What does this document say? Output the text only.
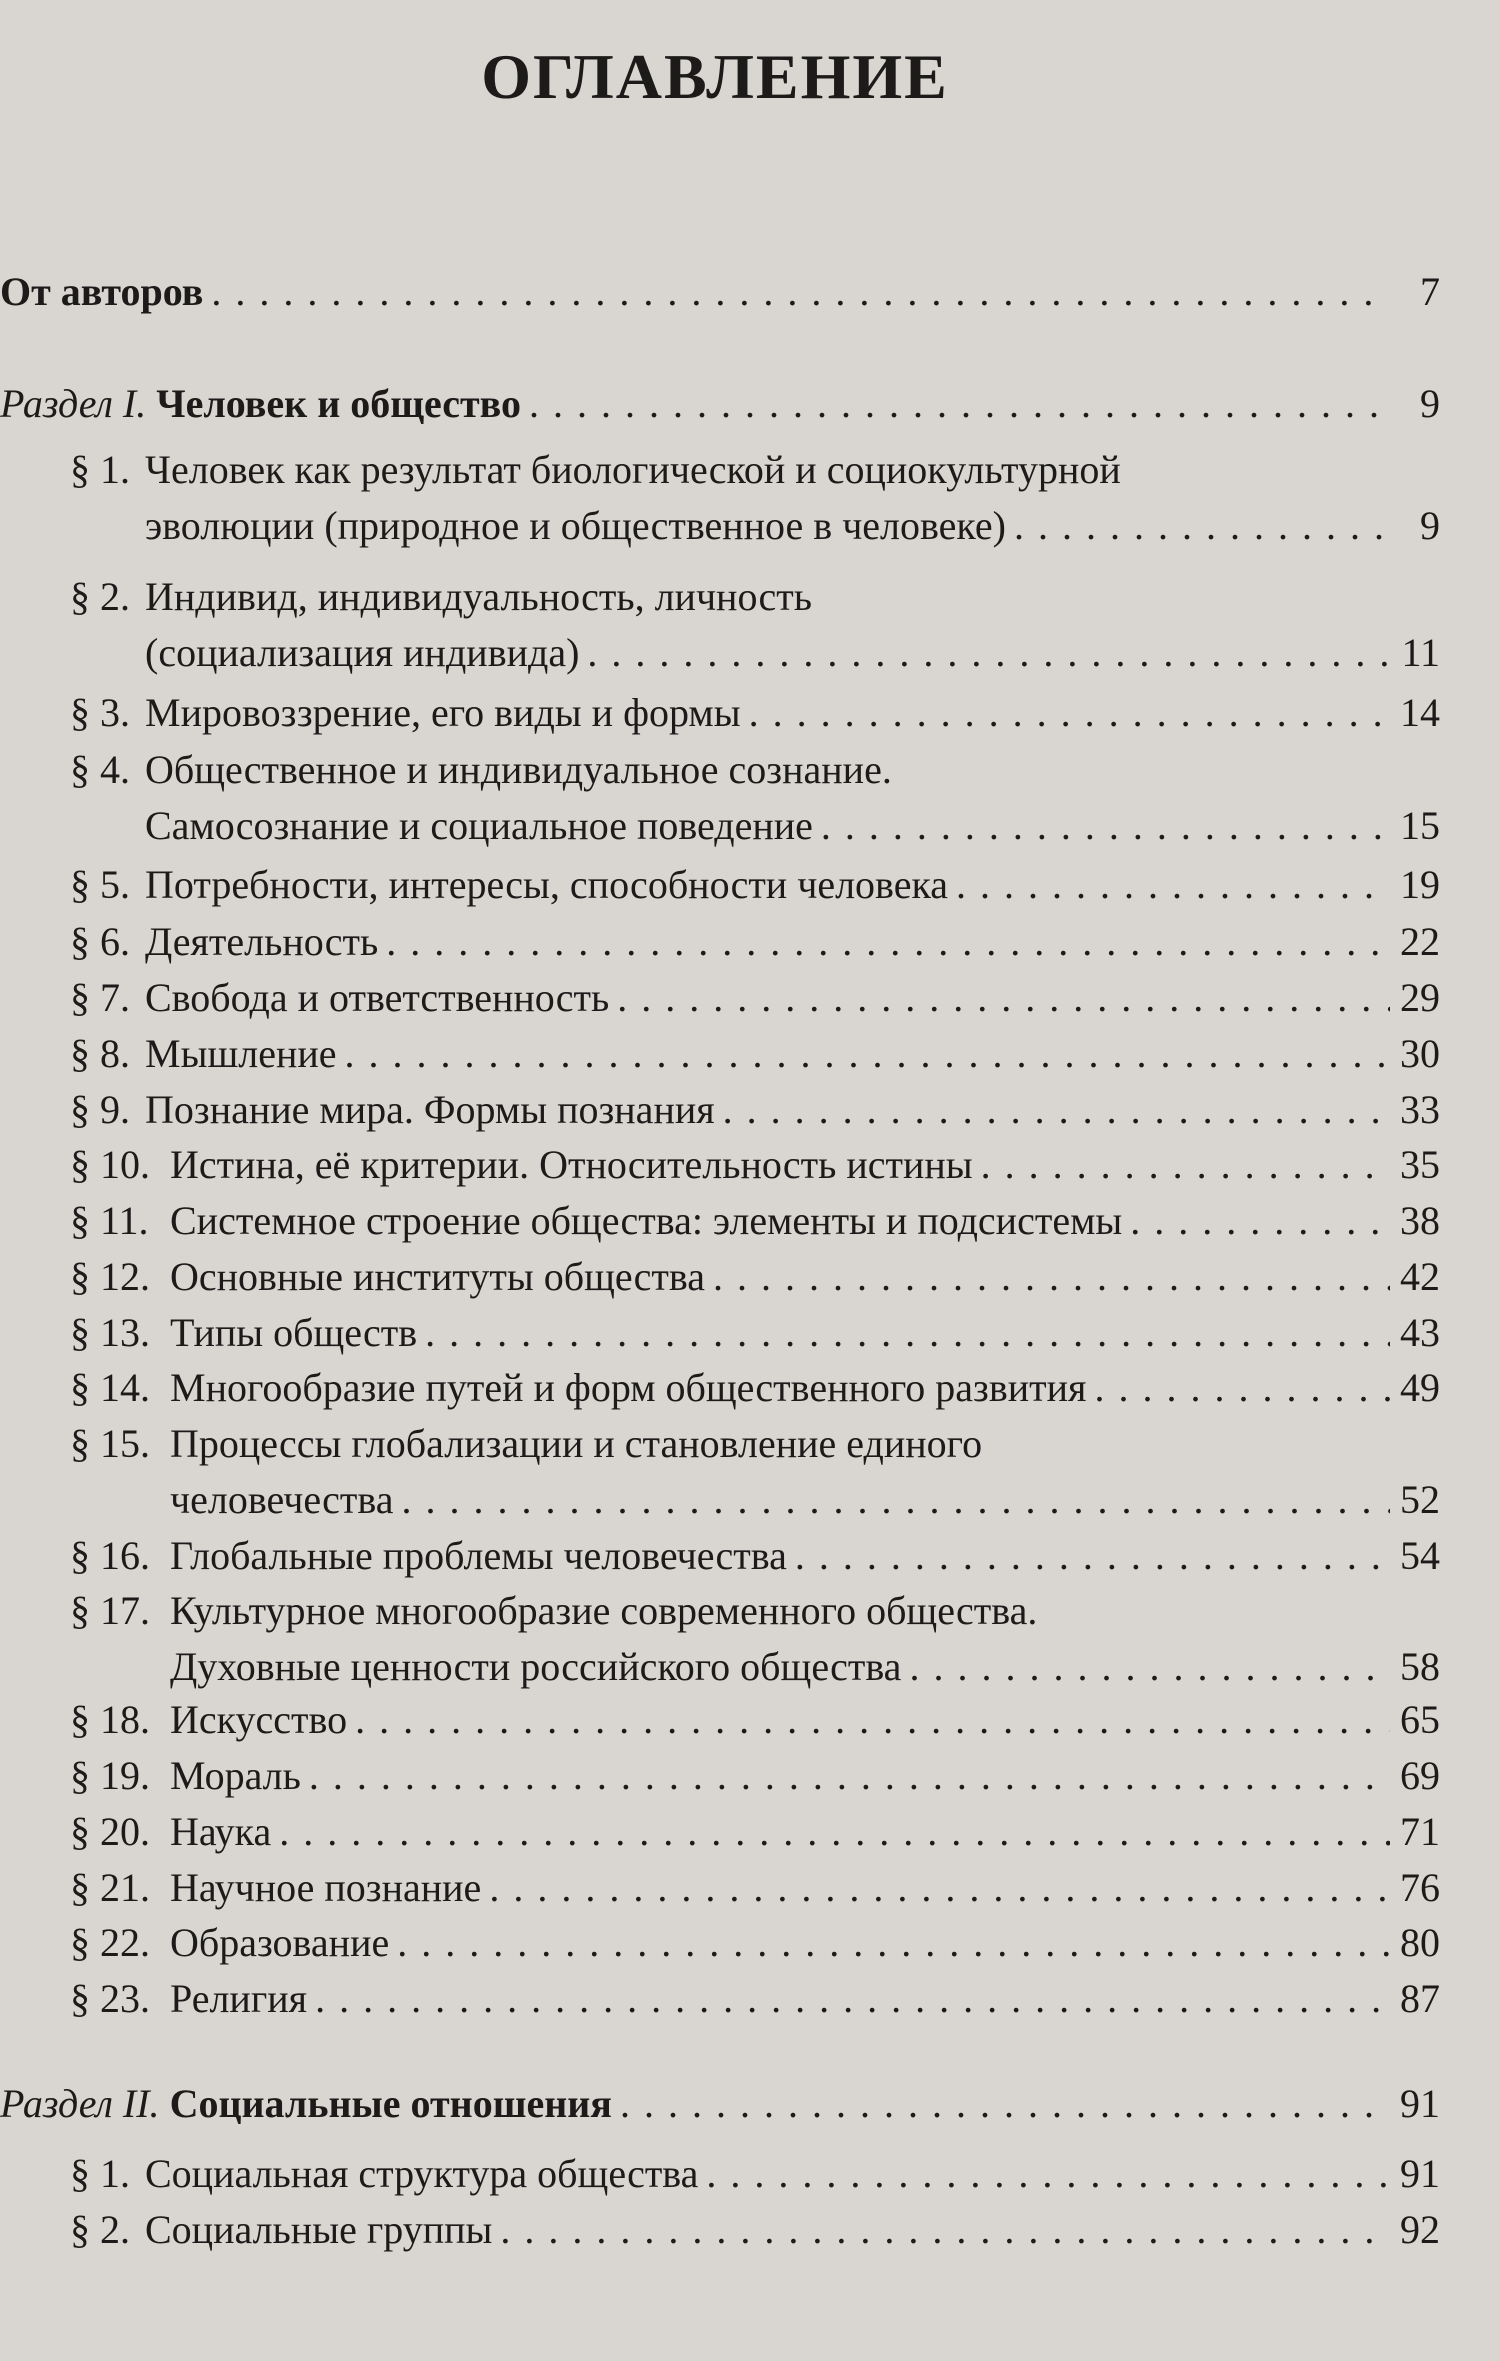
ОГЛАВЛЕНИЕ
От авторов . . .	7
Раздел I. Человек и общество . . .	9
§ 1. Человек как результат биологической и социокультурной
эволюции (природное и общественное в человеке) . . .	9
§ 2. Индивид, индивидуальность, личность
(социализация индивида) . . .	11
§ 3. Мировоззрение, его виды и формы . . .	14
§ 4. Общественное и индивидуальное сознание.
Самосознание и социальное поведение . . .	15
§ 5. Потребности, интересы, способности человека . . .	19
§ 6. Деятельность . . .	22
§ 7. Свобода и ответственность . . .	29
§ 8. Мышление . . .	30
§ 9. Познание мира. Формы познания . . .	33
§ 10. Истина, её критерии. Относительность истины . . .	35
§ 11. Системное строение общества: элементы и подсистемы . . .	38
§ 12. Основные институты общества . . .	42
§ 13. Типы обществ . . .	43
§ 14. Многообразие путей и форм общественного развития . . .	49
§ 15. Процессы глобализации и становление единого
человечества . . .	52
§ 16. Глобальные проблемы человечества . . .	54
§ 17. Культурное многообразие современного общества.
Духовные ценности российского общества . . .	58
§ 18. Искусство . . .	65
§ 19. Мораль . . .	69
§ 20. Наука . . .	71
§ 21. Научное познание . . .	76
§ 22. Образование . . .	80
§ 23. Религия . . .	87
Раздел II. Социальные отношения . . .	91
§ 1. Социальная структура общества . . .	91
§ 2. Социальные группы . . .	92
